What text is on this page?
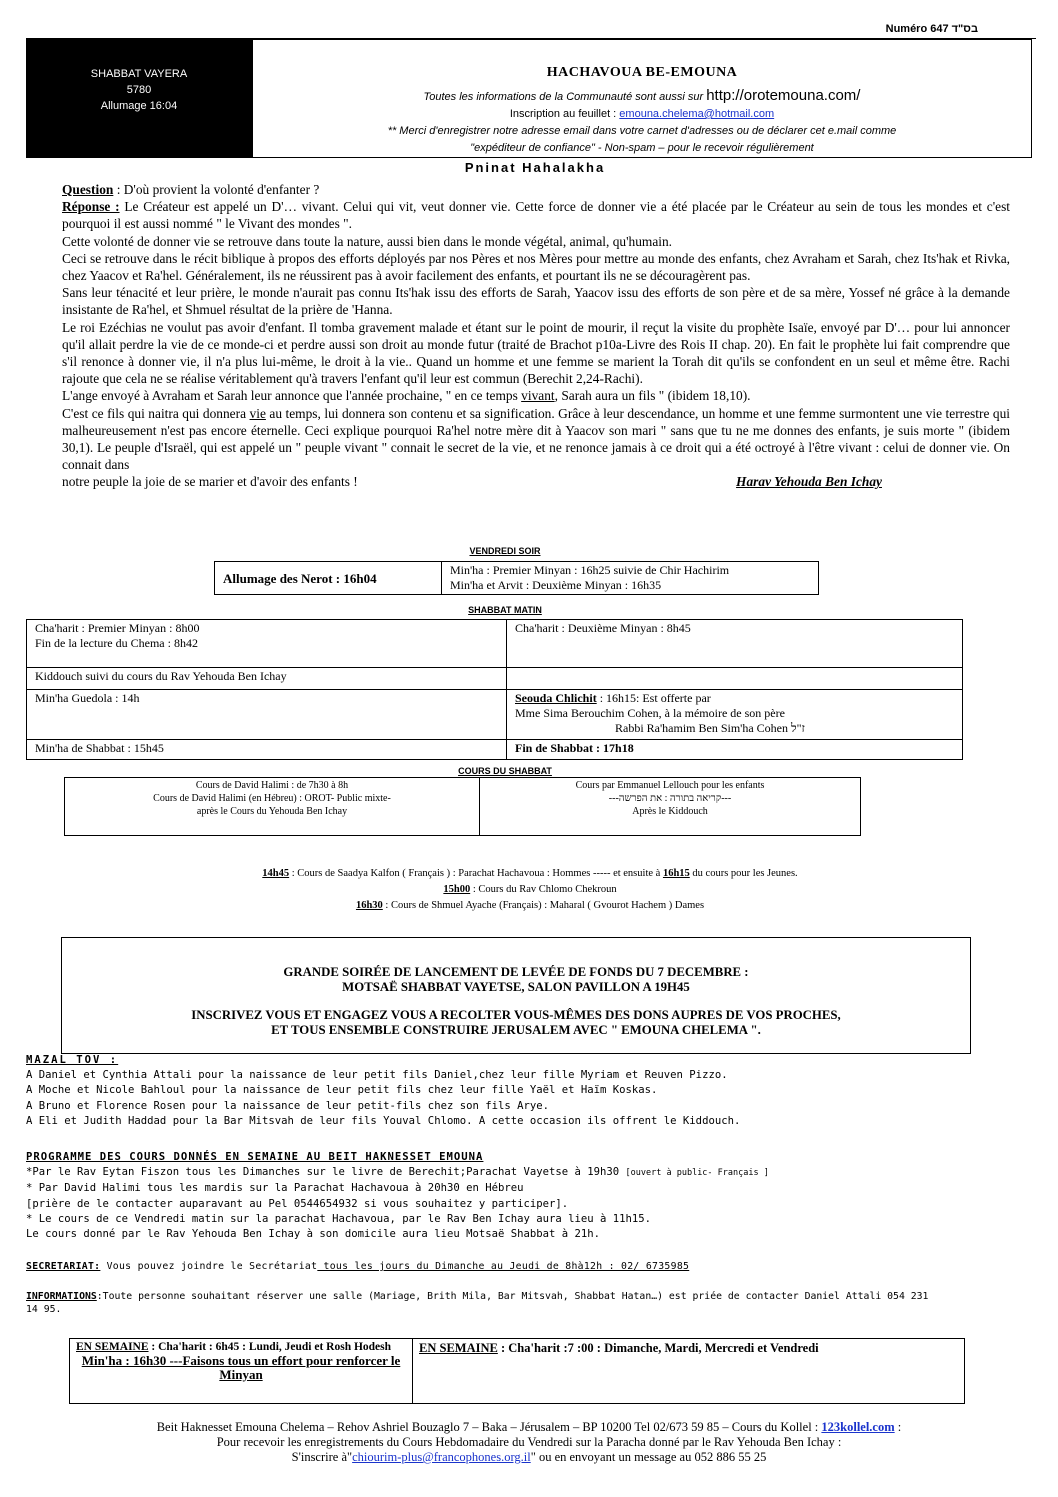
Numéro 647 בס"ד
SHABBAT VAYERA
5780
Allumage 16:04
HACHAVOUA BE-EMOUNA
Toutes les informations de la Communauté sont aussi sur http://orotemouna.com/
Inscription au feuillet : emouna.chelema@hotmail.com
** Merci d'enregistrer notre adresse email dans votre carnet d'adresses ou de déclarer cet e.mail comme
"expéditeur de confiance" - Non-spam – pour le recevoir régulièrement
Pninat Hahalakha

Question : D'où provient la volonté d'enfanter ?

Réponse : Le Créateur est appelé un D'… vivant. Celui qui vit, veut donner vie. Cette force de donner vie a été placée par le Créateur au sein de tous les mondes et c'est pourquoi il est aussi nommé " le Vivant des mondes ".

Cette volonté de donner vie se retrouve dans toute la nature, aussi bien dans le monde végétal, animal, qu'humain.

Ceci se retrouve dans le récit biblique à propos des efforts déployés par nos Pères et nos Mères pour mettre au monde des enfants, chez Avraham et Sarah, chez Its'hak et Rivka, chez Yaacov et Ra'hel. Généralement, ils ne réussirent pas à avoir facilement des enfants, et pourtant ils ne se découragèrent pas.

Sans leur ténacité et leur prière, le monde n'aurait pas connu Its'hak issu des efforts de Sarah, Yaacov issu des efforts de son père et de sa mère, Yossef né grâce à la demande insistante de Ra'hel, et Shmuel résultat de la prière de 'Hanna.

Le roi Ezéchias ne voulut pas avoir d'enfant. Il tomba gravement malade et étant sur le point de mourir, il reçut la visite du prophète Isaïe, envoyé par D'… pour lui annoncer qu'il allait perdre la vie de ce monde-ci et perdre aussi son droit au monde futur (traité de Brachot p10a-Livre des Rois II chap. 20). En fait le prophète lui fait comprendre que s'il renonce à donner vie, il n'a plus lui-même, le droit à la vie.. Quand un homme et une femme se marient la Torah dit qu'ils se confondent en un seul et même être. Rachi rajoute que cela ne se réalise véritablement qu'à travers l'enfant qu'il leur est commun (Berechit 2,24-Rachi).

L'ange envoyé à Avraham et Sarah leur annonce que l'année prochaine, " en ce temps vivant, Sarah aura un fils " (ibidem 18,10).

C'est ce fils qui naitra qui donnera vie au temps, lui donnera son contenu et sa signification. Grâce à leur descendance, un homme et une femme surmontent une vie terrestre qui malheureusement n'est pas encore éternelle. Ceci explique pourquoi Ra'hel notre mère dit à Yaacov son mari " sans que tu ne me donnes des enfants, je suis morte " (ibidem 30,1). Le peuple d'Israël, qui est appelé un " peuple vivant " connait le secret de la vie, et ne renonce jamais à ce droit qui a été octroyé à l'être vivant : celui de donner vie. On connait dans

notre peuple la joie de se marier et d'avoir des enfants !	Harav Yehouda Ben Ichay
VENDREDI SOIR
Allumage des Nerot : 16h04	
Min'ha : Premier Minyan : 16h25 suivie de Chir Hachirim
Min'ha et Arvit : Deuxième Minyan : 16h35
SHABBAT MATIN
Cha'harit : Premier Minyan : 8h00
Fin de la lecture du Chema : 8h42	Cha'harit : Deuxième Minyan : 8h45
Kiddouch suivi du cours du Rav Yehouda Ben Ichay	
Min'ha Guedola : 14h	Seouda Chlichit : 16h15: Est offerte par
Mme Sima Berouchim Cohen, à la mémoire de son père
Rabbi Ra'hamim Ben Sim'ha Cohen ז"ל

Min'ha de Shabbat : 15h45	Fin de Shabbat : 17h18
COURS DU SHABBAT
Cours de David Halimi : de 7h30 à 8h
Cours de David Halimi (en Hébreu) : OROT- Public mixte-
après le Cours du Yehouda Ben Ichay

Cours par Emmanuel Lellouch pour les enfants
---קריאה בתורה : את הפרשה---
Après le Kiddouch
14h45 : Cours de Saadya Kalfon ( Français ) : Parachat Hachavoua : Hommes ----- et ensuite à 16h15 du cours pour les Jeunes.
15h00 : Cours du Rav Chlomo Chekroun
16h30 : Cours de Shmuel Ayache (Français) : Maharal ( Gvourot Hachem ) Dames
GRANDE SOIRÉE DE LANCEMENT DE LEVÉE DE FONDS DU 7 DECEMBRE :
MOTSAË SHABBAT VAYETSE, SALON PAVILLON A 19H45
INSCRIVEZ VOUS ET ENGAGEZ VOUS A RECOLTER VOUS-MÊMES DES DONS AUPRES DE VOS PROCHES,
ET TOUS ENSEMBLE CONSTRUIRE JERUSALEM AVEC " EMOUNA CHELEMA ".
MAZAL TOV :
A Daniel et Cynthia Attali pour la naissance de leur petit fils Daniel,chez leur fille Myriam et Reuven Pizzo.
A Moche et Nicole Bahloul pour la naissance de leur petit fils chez leur fille Yaël et Haïm Koskas.
A Bruno et Florence Rosen pour la naissance de leur petit-fils chez son fils Arye.
A Eli et Judith Haddad pour la Bar Mitsvah de leur fils Youval Chlomo. A cette occasion ils offrent le Kiddouch.
PROGRAMME DES COURS DONNÉS EN SEMAINE AU BEIT HAKNESSET EMOUNA
*Par le Rav Eytan Fiszon tous les Dimanches sur le livre de Berechit;Parachat Vayetse à 19h30 [ouvert à public- Français ]
* Par David Halimi tous les mardis sur la Parachat Hachavoua à 20h30 en Hébreu
[prière de le contacter auparavant au Pel 0544654932 si vous souhaitez y participer].
* Le cours de ce Vendredi matin sur la parachat Hachavoua, par le Rav Ben Ichay aura lieu à 11h15.
Le cours donné par le Rav Yehouda Ben Ichay à son domicile aura lieu Motsaë Shabbat à 21h.
SECRETARIAT: Vous pouvez joindre le Secrétariat tous les jours du Dimanche au Jeudi de 8hà12h : 02/ 6735985
INFORMATIONS:Toute personne souhaitant réserver une salle (Mariage, Brith Mila, Bar Mitsvah, Shabbat Hatan…) est priée de contacter Daniel Attali 054 231 14 95.
EN SEMAINE : Cha'harit : 6h45 : Lundi, Jeudi et Rosh Hodesh
Min'ha : 16h30 ---Faisons tous un effort pour renforcer le Minyan
	EN SEMAINE : Cha'harit :7 :00 : Dimanche, Mardi, Mercredi et Vendredi
Beit Haknesset Emouna Chelema – Rehov Ashriel Bouzaglo 7 – Baka – Jérusalem – BP 10200 Tel 02/673 59 85 – Cours du Kollel : 123kollel.com :
Pour recevoir les enregistrements du Cours Hebdomadaire du Vendredi sur la Paracha donné par le Rav Yehouda Ben Ichay :
S'inscrire à"chiourim-plus@francophones.org.il" ou en envoyant un message au 052 886 55 25
